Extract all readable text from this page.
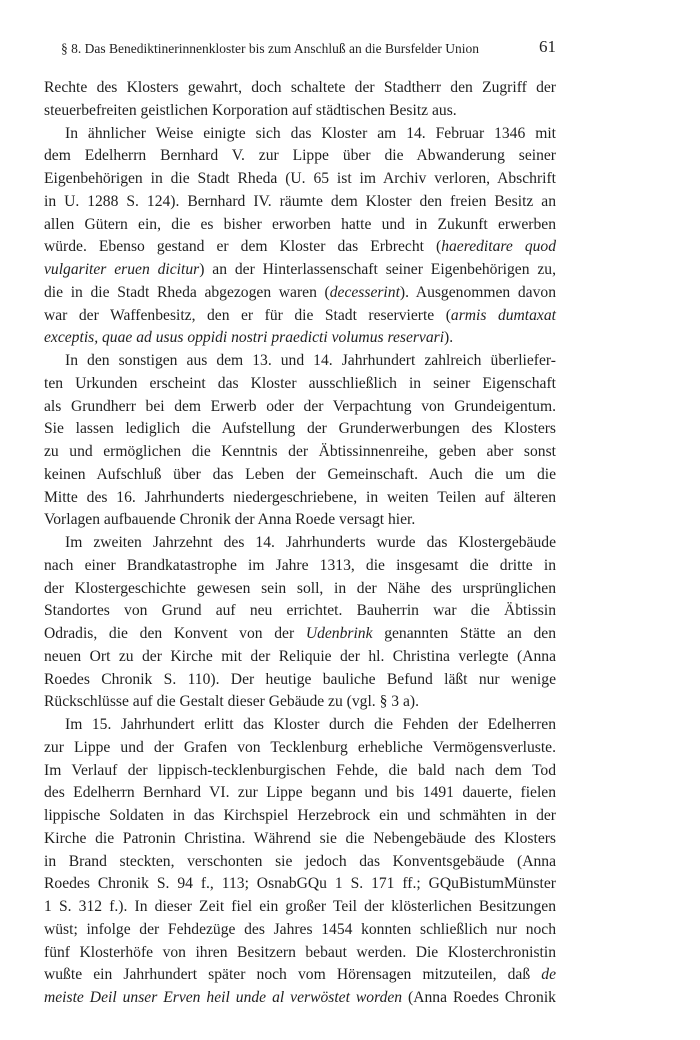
§ 8. Das Benediktinerinnenkloster bis zum Anschluß an die Bursfelder Union	61
Rechte des Klosters gewahrt, doch schaltete der Stadtherr den Zugriff der
steuerbefreiten geistlichen Korporation auf städtischen Besitz aus.
In ähnlicher Weise einigte sich das Kloster am 14. Februar 1346 mit
dem Edelherrn Bernhard V. zur Lippe über die Abwanderung seiner
Eigenbehörigen in die Stadt Rheda (U. 65 ist im Archiv verloren, Abschrift
in U. 1288 S. 124). Bernhard IV. räumte dem Kloster den freien Besitz an
allen Gütern ein, die es bisher erworben hatte und in Zukunft erwerben
würde. Ebenso gestand er dem Kloster das Erbrecht (haereditare quod
vulgariter eruen dicitur) an der Hinterlassenschaft seiner Eigenbehörigen zu,
die in die Stadt Rheda abgezogen waren (decesserint). Ausgenommen davon
war der Waffenbesitz, den er für die Stadt reservierte (armis dumtaxat
exceptis, quae ad usus oppidi nostri praedicti volumus reservari).
In den sonstigen aus dem 13. und 14. Jahrhundert zahlreich überliefer-
ten Urkunden erscheint das Kloster ausschließlich in seiner Eigenschaft
als Grundherr bei dem Erwerb oder der Verpachtung von Grundeigentum.
Sie lassen lediglich die Aufstellung der Grunderwerbungen des Klosters
zu und ermöglichen die Kenntnis der Äbtissinnenreihe, geben aber sonst
keinen Aufschluß über das Leben der Gemeinschaft. Auch die um die
Mitte des 16. Jahrhunderts niedergeschriebene, in weiten Teilen auf älteren
Vorlagen aufbauende Chronik der Anna Roede versagt hier.
Im zweiten Jahrzehnt des 14. Jahrhunderts wurde das Klostergebäude
nach einer Brandkatastrophe im Jahre 1313, die insgesamt die dritte in
der Klostergeschichte gewesen sein soll, in der Nähe des ursprünglichen
Standortes von Grund auf neu errichtet. Bauherrin war die Äbtissin
Odradis, die den Konvent von der Udenbrink genannten Stätte an den
neuen Ort zu der Kirche mit der Reliquie der hl. Christina verlegte (Anna
Roedes Chronik S. 110). Der heutige bauliche Befund läßt nur wenige
Rückschlüsse auf die Gestalt dieser Gebäude zu (vgl. § 3 a).
Im 15. Jahrhundert erlitt das Kloster durch die Fehden der Edelherren
zur Lippe und der Grafen von Tecklenburg erhebliche Vermögensverluste.
Im Verlauf der lippisch-tecklenburgischen Fehde, die bald nach dem Tod
des Edelherrn Bernhard VI. zur Lippe begann und bis 1491 dauerte, fielen
lippische Soldaten in das Kirchspiel Herzebrock ein und schmähten in der
Kirche die Patronin Christina. Während sie die Nebengebäude des Klosters
in Brand steckten, verschonten sie jedoch das Konventsgebäude (Anna
Roedes Chronik S. 94 f., 113; OsnabGQu 1 S. 171 ff.; GQuBistumMünster
1 S. 312 f.). In dieser Zeit fiel ein großer Teil der klösterlichen Besitzungen
wüst; infolge der Fehdezüge des Jahres 1454 konnten schließlich nur noch
fünf Klosterhöfe von ihren Besitzern bebaut werden. Die Klosterchronistin
wußte ein Jahrhundert später noch vom Hörensagen mitzuteilen, daß de
meiste Deil unser Erven heil unde al verwöstet worden (Anna Roedes Chronik
